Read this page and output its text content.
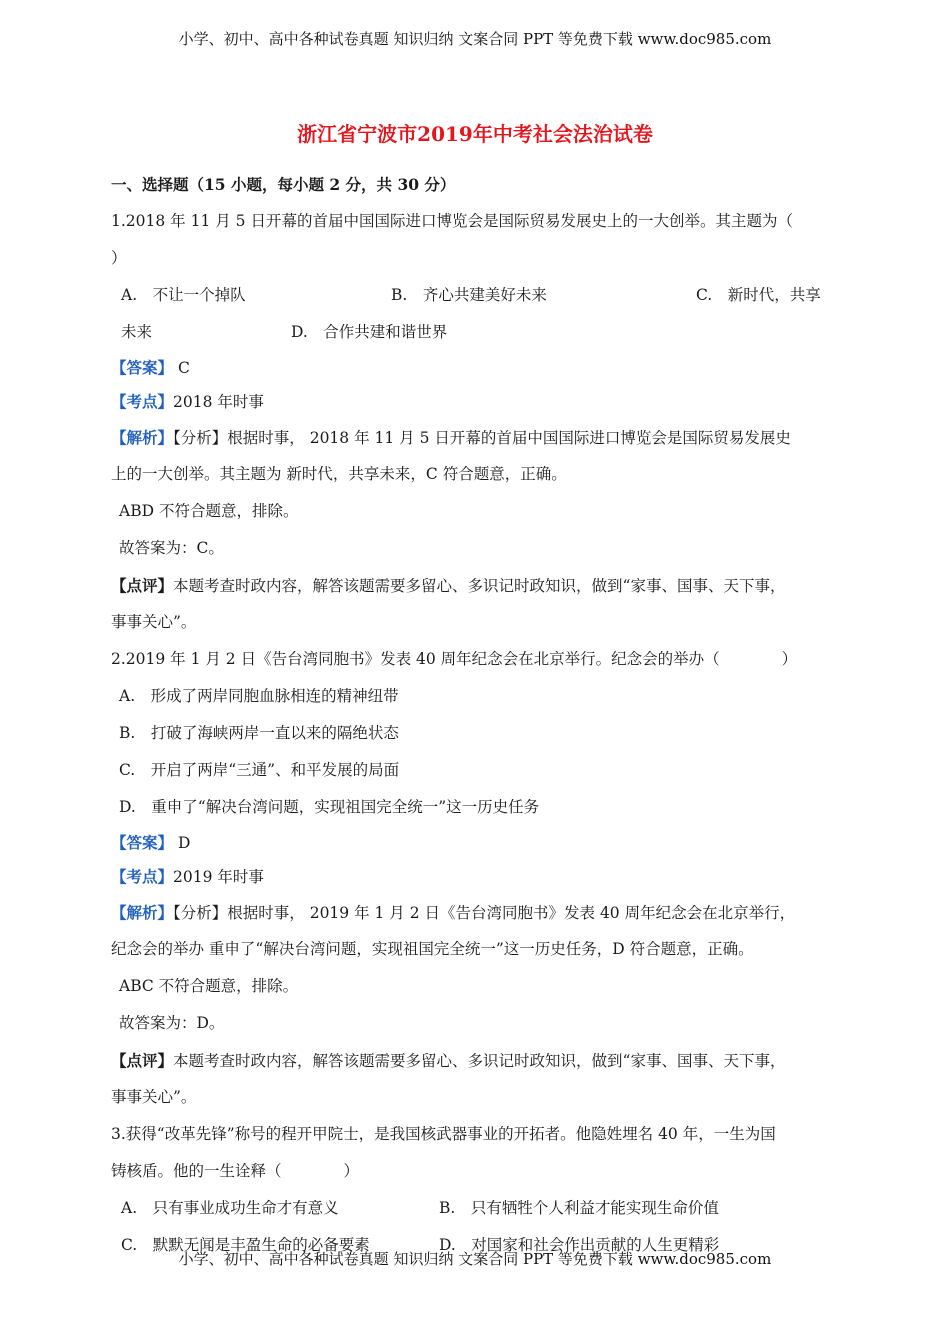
小学、初中、高中各种试卷真题 知识归纳 文案合同 PPT 等免费下载 www.doc985.com
浙江省宁波市2019年中考社会法治试卷
一、选择题（15 小题，每小题 2 分，共 30 分）
1.2018 年 11 月 5 日开幕的首届中国国际进口博览会是国际贸易发展史上的一大创举。其主题为（
）
A.　不让一个掉队	B.　齐心共建美好未来	C.　新时代，共享
未来	D.　合作共建和谐世界
【答案】 C
【考点】2018 年时事
【解析】【分析】根据时事， 2018 年 11 月 5 日开幕的首届中国国际进口博览会是国际贸易发展史
上的一大创举。其主题为 新时代，共享未来，C 符合题意，正确。
ABD 不符合题意，排除。
故答案为：C。
【点评】本题考查时政内容，解答该题需要多留心、多识记时政知识，做到“家事、国事、天下事，
事事关心”。
2.2019 年 1 月 2 日《告台湾同胞书》发表 40 周年纪念会在北京举行。纪念会的举办（　　　　）
A.　形成了两岸同胞血脉相连的精神纽带
B.　打破了海峡两岸一直以来的隔绝状态
C.　开启了两岸“三通”、和平发展的局面
D.　重申了“解决台湾问题，实现祖国完全统一”这一历史任务
【答案】 D
【考点】2019 年时事
【解析】【分析】根据时事， 2019 年 1 月 2 日《告台湾同胞书》发表 40 周年纪念会在北京举行，
纪念会的举办 重申了“解决台湾问题，实现祖国完全统一”这一历史任务，D 符合题意，正确。
ABC 不符合题意，排除。
故答案为：D。
【点评】本题考查时政内容，解答该题需要多留心、多识记时政知识，做到“家事、国事、天下事，
事事关心”。
3.获得“改革先锋”称号的程开甲院士，是我国核武器事业的开拓者。他隐姓埋名 40 年，一生为国
铸核盾。他的一生诠释（　　　　）
A.　只有事业成功生命才有意义	B.　只有牺牲个人利益才能实现生命价值
C.　默默无闻是丰盈生命的必备要素	D.　对国家和社会作出贡献的人生更精彩
小学、初中、高中各种试卷真题 知识归纳 文案合同 PPT 等免费下载 www.doc985.com
